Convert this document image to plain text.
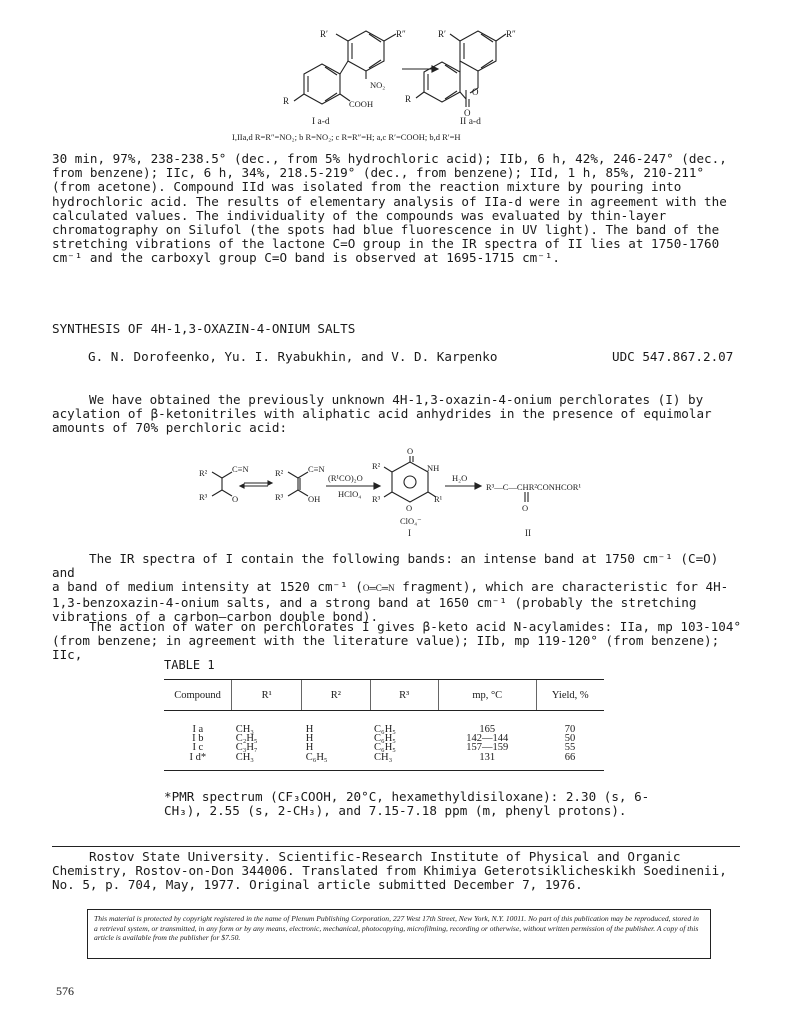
R′	R″
NO₂
COOH
R
R′	R″
R
O
O
I a-d	II a-d
I,IIa,d R=R″=NO₂; b R=NO₂; c R=R″=H; a,c R′=COOH; b,d R′=H

30 min, 97%, 238-238.5° (dec., from 5% hydrochloric acid); IIb, 6 h, 42%, 246-247° (dec., from benzene); IIc, 6 h, 34%, 218.5-219° (dec., from benzene); IId, 1 h, 85%, 210-211° (from acetone). Compound IId was isolated from the reaction mixture by pouring into hydrochloric acid. The results of elementary analysis of IIa-d were in agreement with the calculated values. The individuality of the compounds was evaluated by thin-layer chromatography on Silufol (the spots had blue fluorescence in UV light). The band of the stretching vibrations of the lactone C=O group in the IR spectra of II lies at 1750-1760 cm⁻¹ and the carboxyl group C=O band is observed at 1695-1715 cm⁻¹.

SYNTHESIS OF 4H-1,3-OXAZIN-4-ONIUM SALTS
G. N. Dorofeenko, Yu. I. Ryabukhin, and V. D. Karpenko	UDC 547.867.2.07

We have obtained the previously unknown 4H-1,3-oxazin-4-onium perchlorates (I) by acylation of β-ketonitriles with aliphatic acid anhydrides in the presence of equimolar amounts of 70% perchloric acid:

R²	C≡N
R³	O
R²	C≡N
R³	OH
(R¹CO)₂O
HClO₄
O
R²	NH
R³
O
R¹
ClO₄⁻
H₂O
R³—C—CHR²CONHCOR¹
O
I	II

The IR spectra of I contain the following bands: an intense band at 1750 cm⁻¹ (C=O) and

a band of medium intensity at 1520 cm⁻¹ (O═C═N fragment), which are characteristic for 4H-

1,3-benzoxazin-4-onium salts, and a strong band at 1650 cm⁻¹ (probably the stretching vibrations of a carbon—carbon double bond).

The action of water on perchlorates I gives β-keto acid N-acylamides: IIa, mp 103-104° (from benzene; in agreement with the literature value); IIb, mp 119-120° (from benzene); IIc,

TABLE 1
Compound	R¹	R²	R³	mp, °C	Yield, %
I a	CH₃	H	C₆H₅	165	70
I b	C₂H₅	H	C₆H₅	142—144	50
I c	C₃H₇	H	C₆H₅	157—159	55
I d*	CH₃	C₆H₅	CH₃	131	66
*PMR spectrum (CF₃COOH, 20°C, hexamethyldisiloxane): 2.30 (s, 6-CH₃), 2.55 (s, 2-CH₃), and 7.15-7.18 ppm (m, phenyl protons).

Rostov State University. Scientific-Research Institute of Physical and Organic Chemistry, Rostov-on-Don 344006. Translated from Khimiya Geterotsiklicheskikh Soedinenii, No. 5, p. 704, May, 1977. Original article submitted December 7, 1976.

This material is protected by copyright registered in the name of Plenum Publishing Corporation, 227 West 17th Street, New York, N.Y. 10011. No part of this publication may be reproduced, stored in a retrieval system, or transmitted, in any form or by any means, electronic, mechanical, photocopying, microfilming, recording or otherwise, without written permission of the publisher. A copy of this article is available from the publisher for $7.50.
576
